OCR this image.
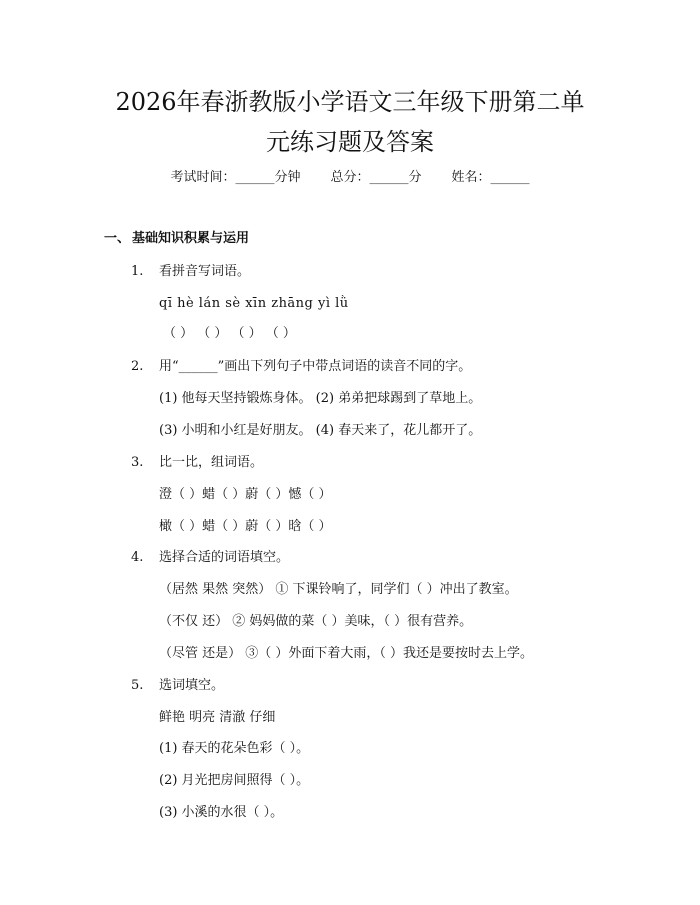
2026年春浙教版小学语文三年级下册第二单
元练习题及答案
考试时间：______分钟 总分：______分 姓名：______
一、 基础知识积累与运用
1. 看拼音写词语。
qī hè lán sè xīn zhāng yì lǜ
（ ） （ ） （ ） （ ）
2. 用“______”画出下列句子中带点词语的读音不同的字。
(1) 他每天坚持锻炼身体。 (2) 弟弟把球踢到了草地上。
(3) 小明和小红是好朋友。 (4) 春天来了，花儿都开了。
3. 比一比，组词语。
澄（ ）蜡（ ）蔚（ ）憾（ ）
橄（ ）蜡（ ）蔚（ ）晗（ ）
4. 选择合适的词语填空。
（居然 果然 突然） ① 下课铃响了，同学们（ ）冲出了教室。
（不仅 还） ② 妈妈做的菜（ ）美味，（ ）很有营养。
（尽管 还是） ③（ ）外面下着大雨，（ ）我还是要按时去上学。
5. 选词填空。
鲜艳 明亮 清澈 仔细
(1) 春天的花朵色彩（ ）。
(2) 月光把房间照得（ ）。
(3) 小溪的水很（ ）。
